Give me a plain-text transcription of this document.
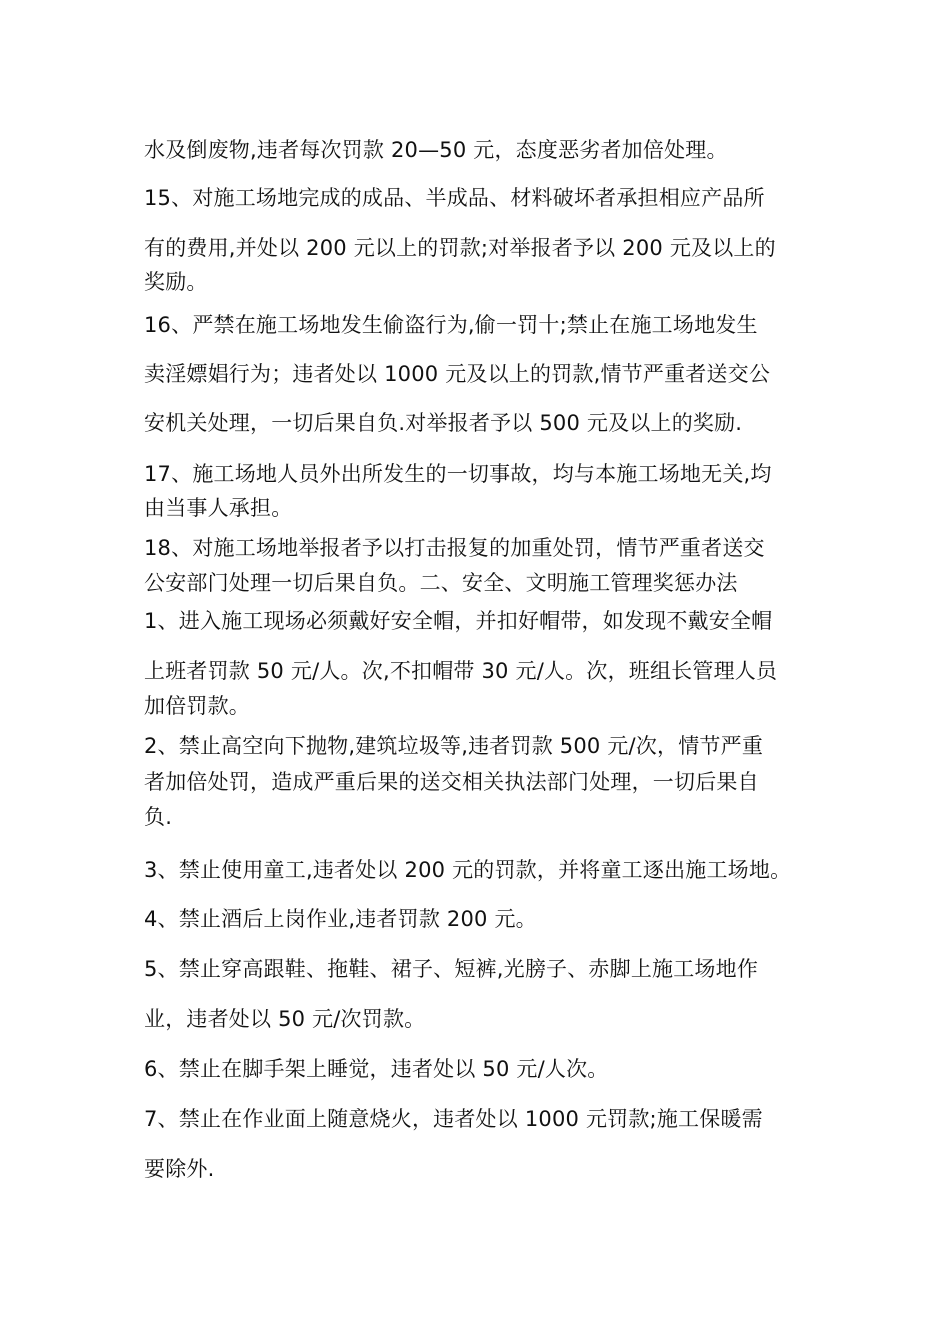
水及倒废物,违者每次罚款 20—50 元，态度恶劣者加倍处理。
15、对施工场地完成的成品、半成品、材料破坏者承担相应产品所
有的费用,并处以 200 元以上的罚款;对举报者予以 200 元及以上的
奖励。
16、严禁在施工场地发生偷盗行为,偷一罚十;禁止在施工场地发生
卖淫嫖娼行为；违者处以 1000 元及以上的罚款,情节严重者送交公
安机关处理，一切后果自负.对举报者予以 500 元及以上的奖励.
17、施工场地人员外出所发生的一切事故，均与本施工场地无关,均
由当事人承担。
18、对施工场地举报者予以打击报复的加重处罚，情节严重者送交
公安部门处理一切后果自负。二、安全、文明施工管理奖惩办法
1、进入施工现场必须戴好安全帽，并扣好帽带，如发现不戴安全帽
上班者罚款 50 元/人。次,不扣帽带 30 元/人。次，班组长管理人员
加倍罚款。
2、禁止高空向下抛物,建筑垃圾等,违者罚款 500 元/次，情节严重
者加倍处罚，造成严重后果的送交相关执法部门处理，一切后果自
负.
3、禁止使用童工,违者处以 200 元的罚款，并将童工逐出施工场地。
4、禁止酒后上岗作业,违者罚款 200 元。
5、禁止穿高跟鞋、拖鞋、裙子、短裤,光膀子、赤脚上施工场地作
业，违者处以 50 元/次罚款。
6、禁止在脚手架上睡觉，违者处以 50 元/人次。
7、禁止在作业面上随意烧火，违者处以 1000 元罚款;施工保暖需
要除外.
